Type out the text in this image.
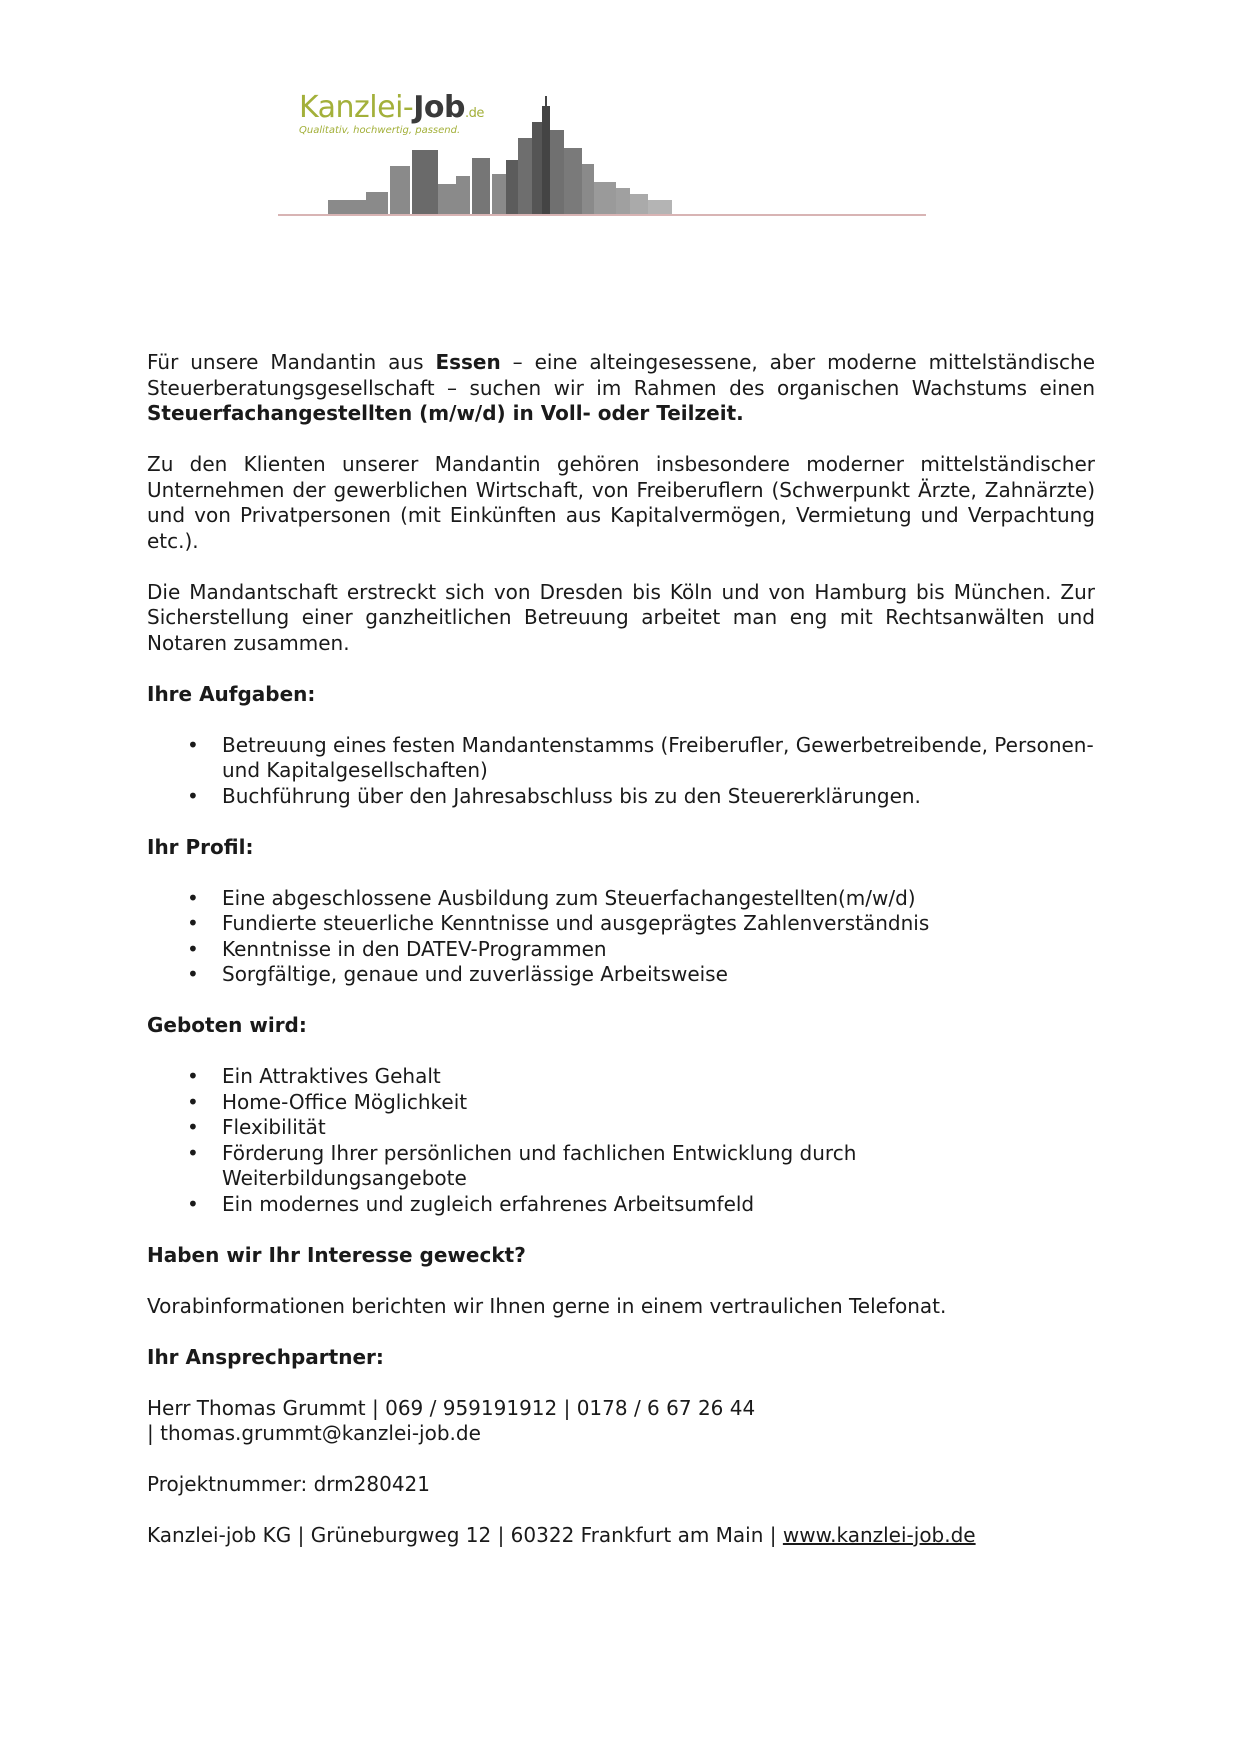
Kanzlei-Job.de
Qualitativ, hochwertig, passend.

Für unsere Mandantin aus Essen – eine alteingesessene, aber moderne mittelständische Steuerberatungsgesellschaft – suchen wir im Rahmen des organischen Wachstums einen Steuerfachangestellten (m/w/d) in Voll- oder Teilzeit.

Zu den Klienten unserer Mandantin gehören insbesondere moderner mittelständischer Unternehmen der gewerblichen Wirtschaft, von Freiberuflern (Schwerpunkt Ärzte, Zahnärzte) und von Privatpersonen (mit Einkünften aus Kapitalvermögen, Vermietung und Verpachtung etc.).

Die Mandantschaft erstreckt sich von Dresden bis Köln und von Hamburg bis München. Zur Sicherstellung einer ganzheitlichen Betreuung arbeitet man eng mit Rechtsanwälten und Notaren zusammen.

Ihre Aufgaben:

• Betreuung eines festen Mandantenstamms (Freiberufler, Gewerbetreibende, Personen- und Kapitalgesellschaften)
• Buchführung über den Jahresabschluss bis zu den Steuererklärungen.

Ihr Profil:

• Eine abgeschlossene Ausbildung zum Steuerfachangestellten(m/w/d)
• Fundierte steuerliche Kenntnisse und ausgeprägtes Zahlenverständnis
• Kenntnisse in den DATEV-Programmen
• Sorgfältige, genaue und zuverlässige Arbeitsweise

Geboten wird:

• Ein Attraktives Gehalt
• Home-Office Möglichkeit
• Flexibilität
• Förderung Ihrer persönlichen und fachlichen Entwicklung durch Weiterbildungsangebote
• Ein modernes und zugleich erfahrenes Arbeitsumfeld

Haben wir Ihr Interesse geweckt?

Vorabinformationen berichten wir Ihnen gerne in einem vertraulichen Telefonat.

Ihr Ansprechpartner:

Herr Thomas Grummt | 069 / 959191912 | 0178 / 6 67 26 44

| thomas.grummt@kanzlei-job.de

Projektnummer: drm280421

Kanzlei-job KG | Grüneburgweg 12 | 60322 Frankfurt am Main | www.kanzlei-job.de
